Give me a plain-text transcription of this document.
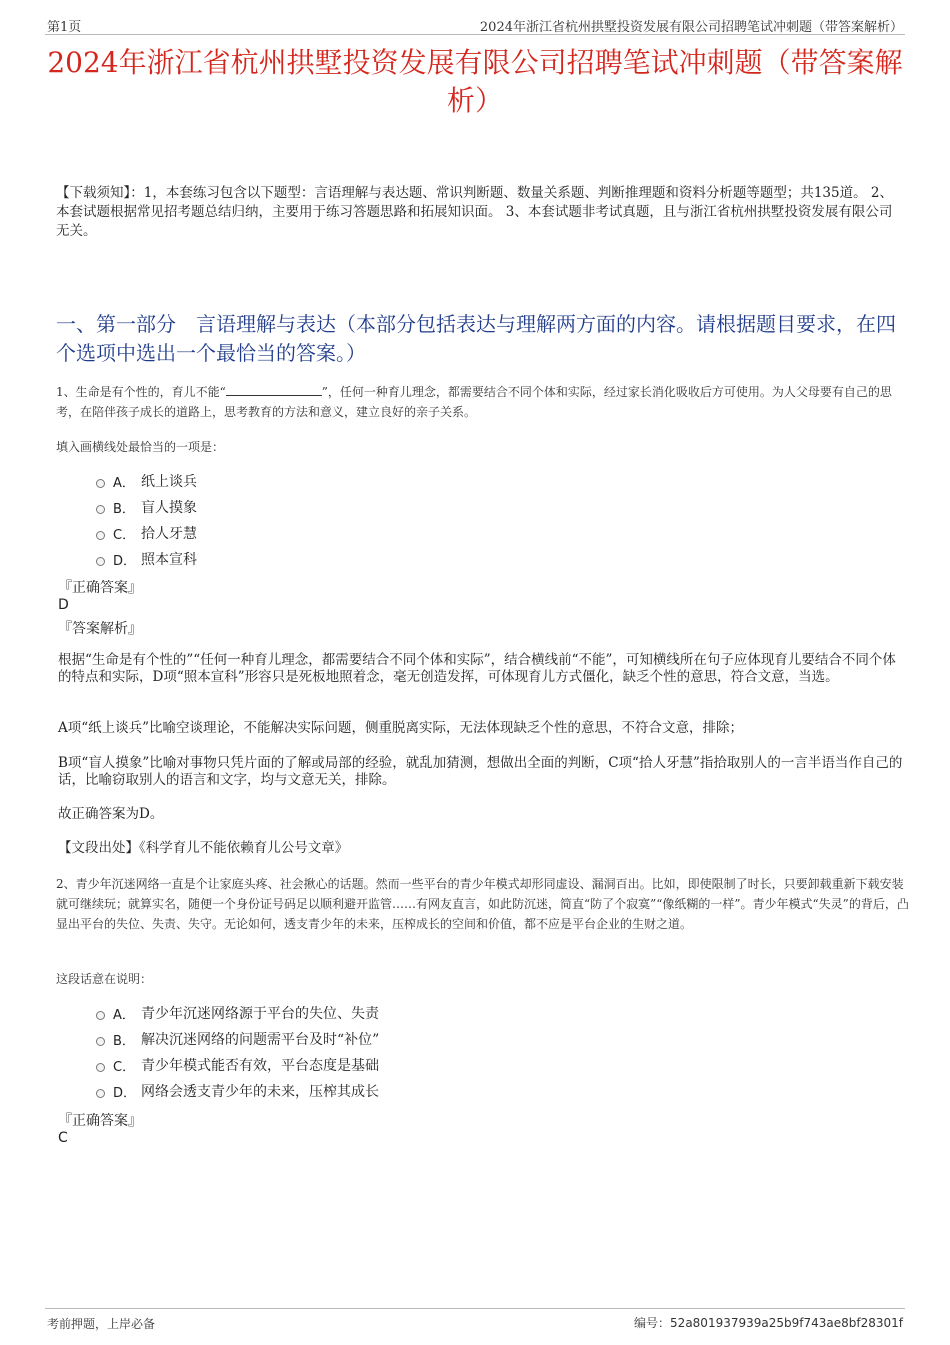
第1页	2024年浙江省杭州拱墅投资发展有限公司招聘笔试冲刺题（带答案解析）
2024年浙江省杭州拱墅投资发展有限公司招聘笔试冲刺题（带答案解析）
【下载须知】：1，本套练习包含以下题型：言语理解与表达题、常识判断题、数量关系题、判断推理题和资料分析题等题型；共135道。 2、本套试题根据常见招考题总结归纳，主要用于练习答题思路和拓展知识面。 3、本套试题非考试真题，且与浙江省杭州拱墅投资发展有限公司无关。
一、第一部分　言语理解与表达（本部分包括表达与理解两方面的内容。请根据题目要求，在四个选项中选出一个最恰当的答案。）
1、生命是有个性的，育儿不能“	”，任何一种育儿理念，都需要结合不同个体和实际，经过家长消化吸收后方可使用。为人父母要有自己的思考，在陪伴孩子成长的道路上，思考教育的方法和意义，建立良好的亲子关系。
填入画横线处最恰当的一项是：
A． 纸上谈兵
B． 盲人摸象
C． 拾人牙慧
D． 照本宣科
『正确答案』
D
『答案解析』
根据“生命是有个性的”“任何一种育儿理念，都需要结合不同个体和实际”，结合横线前“不能”，可知横线所在句子应体现育儿要结合不同个体的特点和实际，D项“照本宣科”形容只是死板地照着念，毫无创造发挥，可体现育儿方式僵化，缺乏个性的意思，符合文意，当选。
A项“纸上谈兵”比喻空谈理论，不能解决实际问题，侧重脱离实际，无法体现缺乏个性的意思，不符合文意，排除；
B项“盲人摸象”比喻对事物只凭片面的了解或局部的经验，就乱加猜测，想做出全面的判断，C项“拾人牙慧”指拾取别人的一言半语当作自己的话，比喻窃取别人的语言和文字，均与文意无关，排除。
故正确答案为D。
【文段出处】《科学育儿不能依赖育儿公号文章》
2、青少年沉迷网络一直是个让家庭头疼、社会揪心的话题。然而一些平台的青少年模式却形同虚设、漏洞百出。比如，即使限制了时长，只要卸载重新下载安装就可继续玩；就算实名，随便一个身份证号码足以顺利避开监管……有网友直言，如此防沉迷，简直“防了个寂寞”“像纸糊的一样”。青少年模式“失灵”的背后，凸显出平台的失位、失责、失守。无论如何，透支青少年的未来，压榨成长的空间和价值，都不应是平台企业的生财之道。
这段话意在说明：
A． 青少年沉迷网络源于平台的失位、失责
B． 解决沉迷网络的问题需平台及时“补位”
C． 青少年模式能否有效，平台态度是基础
D． 网络会透支青少年的未来，压榨其成长
『正确答案』
C
考前押题，上岸必备	编号：52a801937939a25b9f743ae8bf28301f
